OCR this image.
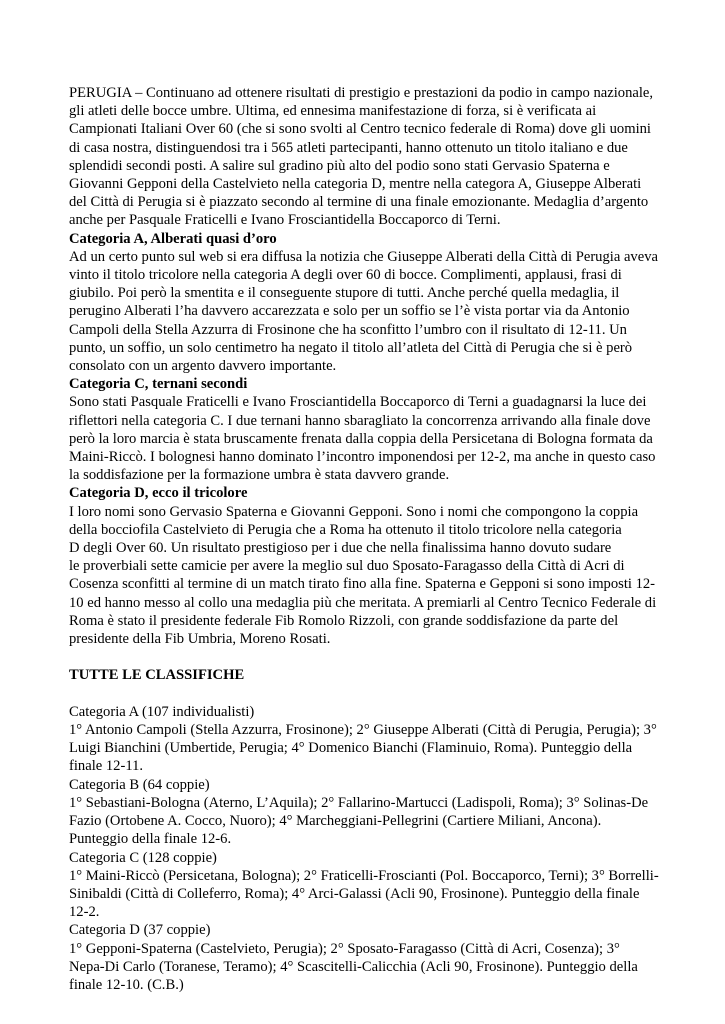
PERUGIA – Continuano ad ottenere risultati di prestigio e prestazioni da podio in campo nazionale, gli atleti delle bocce umbre. Ultima, ed ennesima manifestazione di forza, si è verificata ai Campionati Italiani Over 60 (che si sono svolti al Centro tecnico federale di Roma) dove gli uomini di casa nostra, distinguendosi tra i 565 atleti partecipanti, hanno ottenuto un titolo italiano e due splendidi secondi posti. A salire sul gradino più alto del podio sono stati Gervasio Spaterna e Giovanni Gepponi della Castelvieto nella categoria D, mentre nella categora A, Giuseppe Alberati del Città di Perugia si è piazzato secondo al termine di una finale emozionante. Medaglia d’argento anche per Pasquale Fraticelli e Ivano Frosciantidella Boccaporco di Terni.

Categoria A, Alberati quasi d’oro

Ad un certo punto sul web si era diffusa la notizia che Giuseppe Alberati della Città di Perugia aveva vinto il titolo tricolore nella categoria A degli over 60 di bocce. Complimenti, applausi, frasi di giubilo. Poi però la smentita e il conseguente stupore di tutti. Anche perché quella medaglia, il perugino Alberati l’ha davvero accarezzata e solo per un soffio se l’è vista portar via da Antonio Campoli della Stella Azzurra di Frosinone che ha sconfitto l’umbro con il risultato di 12-11. Un punto, un soffio, un solo centimetro ha negato il titolo all’atleta del Città di Perugia che si è però consolato con un argento davvero importante.

Categoria C, ternani secondi

Sono stati Pasquale Fraticelli e Ivano Frosciantidella Boccaporco di Terni a guadagnarsi la luce dei riflettori nella categoria C. I due ternani hanno sbaragliato la concorrenza arrivando alla finale dove però la loro marcia è stata bruscamente frenata dalla coppia della Persicetana di Bologna formata da Maini-Riccò. I bolognesi hanno dominato l’incontro imponendosi per 12-2, ma anche in questo caso la soddisfazione per la formazione umbra è stata davvero grande.

Categoria D, ecco il tricolore

I loro nomi sono Gervasio Spaterna e Giovanni Gepponi. Sono i nomi che compongono la coppia della bocciofila Castelvieto di Perugia che a Roma ha ottenuto il titolo tricolore nella categoria

D degli Over 60. Un risultato prestigioso per i due che nella finalissima hanno dovuto sudare

le proverbiali sette camicie per avere la meglio sul duo Sposato-Faragasso della Città di Acri di Cosenza sconfitti al termine di un match tirato fino alla fine. Spaterna e Gepponi si sono imposti 12-10 ed hanno messo al collo una medaglia più che meritata. A premiarli al Centro Tecnico Federale di Roma è stato il presidente federale Fib Romolo Rizzoli, con grande soddisfazione da parte del presidente della Fib Umbria, Moreno Rosati.

TUTTE LE CLASSIFICHE

Categoria A (107 individualisti)

1° Antonio Campoli (Stella Azzurra, Frosinone); 2° Giuseppe Alberati (Città di Perugia, Perugia); 3° Luigi Bianchini (Umbertide, Perugia; 4° Domenico Bianchi (Flaminuio, Roma). Punteggio della finale 12-11.

Categoria B (64 coppie)

1° Sebastiani-Bologna (Aterno, L’Aquila); 2° Fallarino-Martucci (Ladispoli, Roma); 3° Solinas-De Fazio (Ortobene A. Cocco, Nuoro); 4° Marcheggiani-Pellegrini (Cartiere Miliani, Ancona). Punteggio della finale 12-6.

Categoria C (128 coppie)

1° Maini-Riccò (Persicetana, Bologna); 2° Fraticelli-Froscianti (Pol. Boccaporco, Terni); 3° Borrelli-Sinibaldi (Città di Colleferro, Roma); 4° Arci-Galassi (Acli 90, Frosinone). Punteggio della finale 12-2.

Categoria D (37 coppie)

1° Gepponi-Spaterna (Castelvieto, Perugia); 2° Sposato-Faragasso (Città di Acri, Cosenza); 3° Nepa-Di Carlo (Toranese, Teramo); 4° Scascitelli-Calicchia (Acli 90, Frosinone). Punteggio della finale 12-10. (C.B.)
